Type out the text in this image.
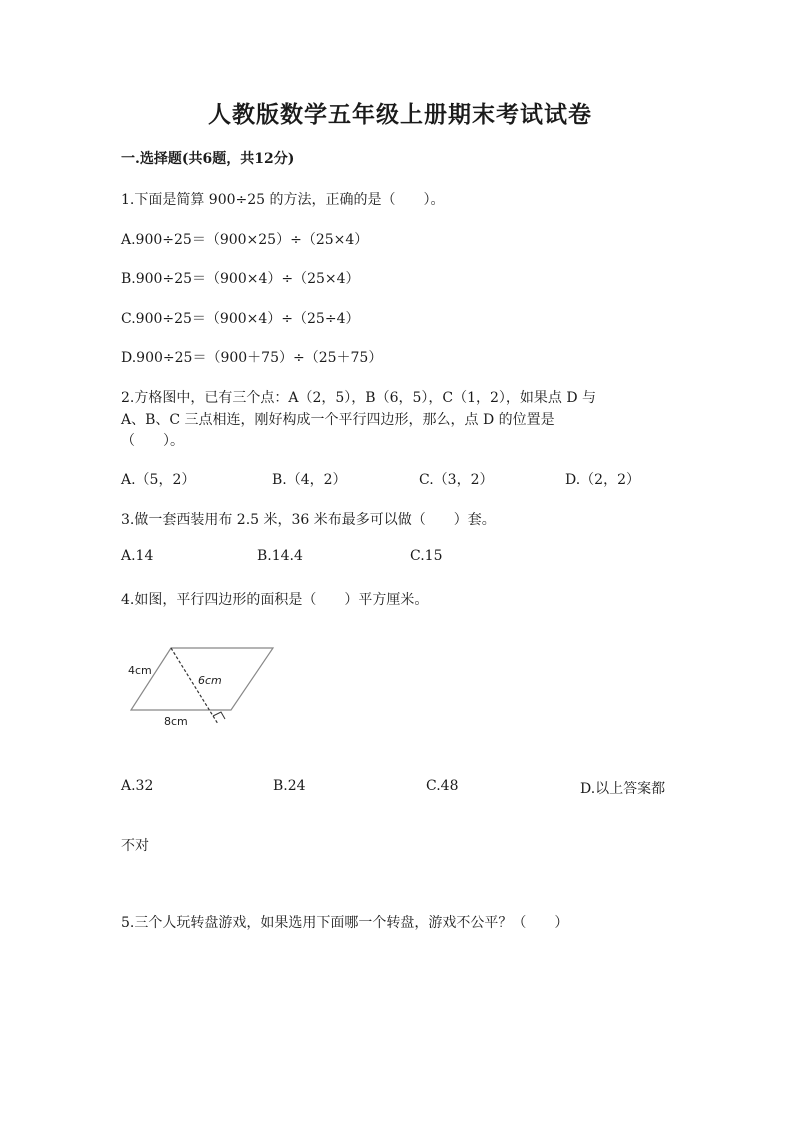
人教版数学五年级上册期末考试试卷
一.选择题(共6题，共12分)
1.下面是简算 900÷25 的方法，正确的是（　　）。
A.900÷25＝（900×25）÷（25×4）
B.900÷25＝（900×4）÷（25×4）
C.900÷25＝（900×4）÷（25÷4）
D.900÷25＝（900＋75）÷（25＋75）
2.方格图中，已有三个点：A（2，5），B（6，5），C（1，2），如果点 D 与
A、B、C 三点相连，刚好构成一个平行四边形，那么，点 D 的位置是
（　　）。
A.（5，2）	B.（4，2）	C.（3，2）	D.（2，2）
3.做一套西装用布 2.5 米，36 米布最多可以做（　　）套。
A.14	B.14.4	C.15
4.如图，平行四边形的面积是（　　）平方厘米。
4cm
6cm
8cm
A.32	B.24	C.48	D.以上答案都
不对
5.三个人玩转盘游戏，如果选用下面哪一个转盘，游戏不公平？（　　）
